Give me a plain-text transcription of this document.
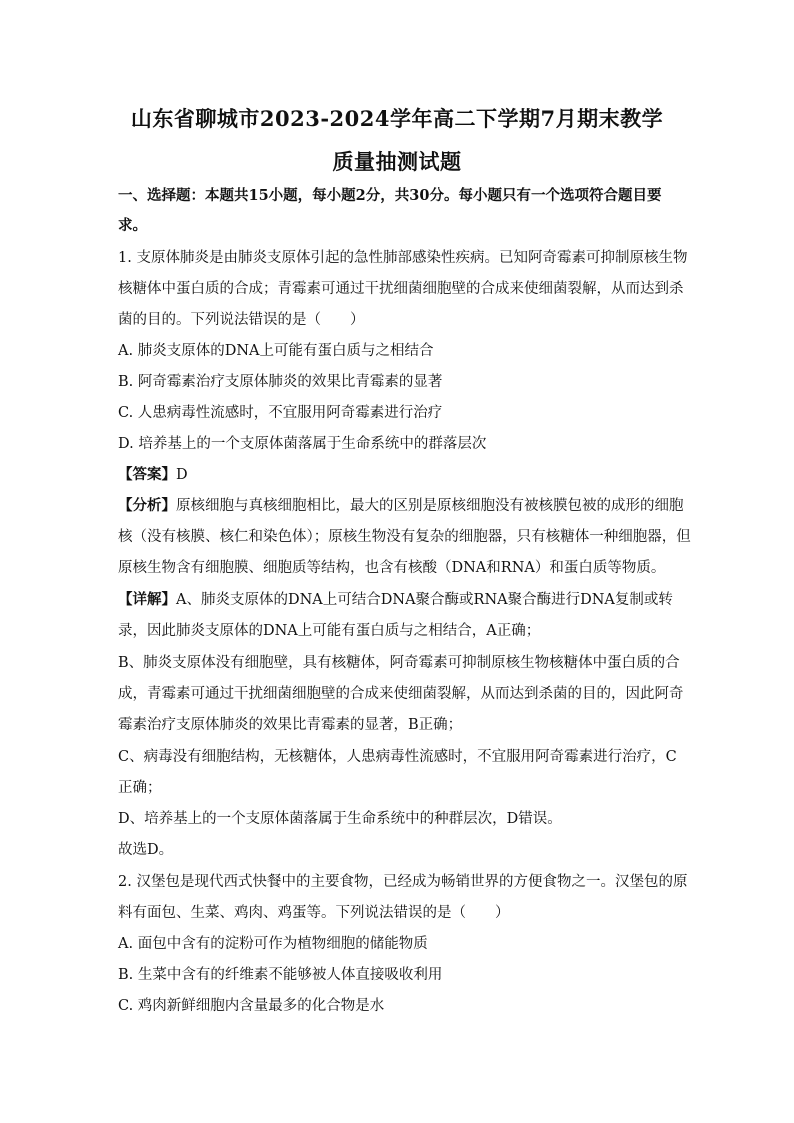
山东省聊城市2023-2024学年高二下学期7月期末教学
质量抽测试题
一、选择题：本题共15小题，每小题2分，共30分。每小题只有一个选项符合题目要
求。
1. 支原体肺炎是由肺炎支原体引起的急性肺部感染性疾病。已知阿奇霉素可抑制原核生物
核糖体中蛋白质的合成；青霉素可通过干扰细菌细胞壁的合成来使细菌裂解，从而达到杀
菌的目的。下列说法错误的是（　　）
A. 肺炎支原体的DNA上可能有蛋白质与之相结合
B. 阿奇霉素治疗支原体肺炎的效果比青霉素的显著
C. 人患病毒性流感时，不宜服用阿奇霉素进行治疗
D. 培养基上的一个支原体菌落属于生命系统中的群落层次
【答案】D
【分析】原核细胞与真核细胞相比，最大的区别是原核细胞没有被核膜包被的成形的细胞
核（没有核膜、核仁和染色体）；原核生物没有复杂的细胞器，只有核糖体一种细胞器，但
原核生物含有细胞膜、细胞质等结构，也含有核酸（DNA和RNA）和蛋白质等物质。
【详解】A、肺炎支原体的DNA上可结合DNA聚合酶或RNA聚合酶进行DNA复制或转
录，因此肺炎支原体的DNA上可能有蛋白质与之相结合，A正确；
B、肺炎支原体没有细胞壁，具有核糖体，阿奇霉素可抑制原核生物核糖体中蛋白质的合
成，青霉素可通过干扰细菌细胞壁的合成来使细菌裂解，从而达到杀菌的目的，因此阿奇
霉素治疗支原体肺炎的效果比青霉素的显著，B正确；
C、病毒没有细胞结构，无核糖体，人患病毒性流感时，不宜服用阿奇霉素进行治疗，C
正确；
D、培养基上的一个支原体菌落属于生命系统中的种群层次，D错误。
故选D。
2. 汉堡包是现代西式快餐中的主要食物，已经成为畅销世界的方便食物之一。汉堡包的原
料有面包、生菜、鸡肉、鸡蛋等。下列说法错误的是（　　）
A. 面包中含有的淀粉可作为植物细胞的储能物质
B. 生菜中含有的纤维素不能够被人体直接吸收利用
C. 鸡肉新鲜细胞内含量最多的化合物是水
